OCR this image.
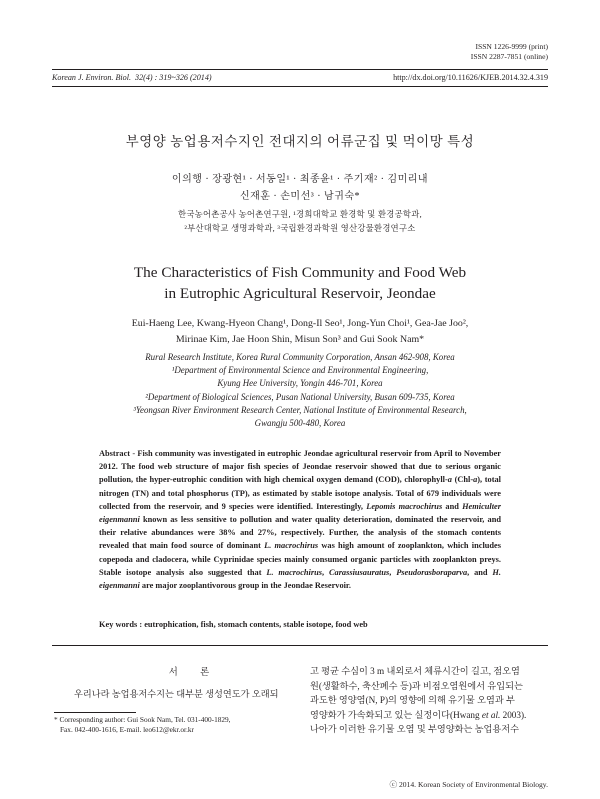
ISSN 1226-9999 (print)
ISSN 2287-7851 (online)
Korean J. Environ. Biol.  32(4) : 319~326 (2014)	http://dx.doi.org/10.11626/KJEB.2014.32.4.319
부영양 농업용저수지인 전대지의 어류군집 및 먹이망 특성
이의행 · 장광현¹ · 서동일¹ · 최종윤¹ · 주기재² · 김미리내
신재훈 · 손미선³ · 남귀숙*
한국농어촌공사 농어촌연구원, ¹경희대학교 환경학 및 환경공학과,
²부산대학교 생명과학과, ³국립환경과학원 영산강물환경연구소
The Characteristics of Fish Community and Food Web
in Eutrophic Agricultural Reservoir, Jeondae
Eui-Haeng Lee, Kwang-Hyeon Chang¹, Dong-Il Seo¹, Jong-Yun Choi¹, Gea-Jae Joo²,
Mirinae Kim, Jae Hoon Shin, Misun Son³ and Gui Sook Nam*
Rural Research Institute, Korea Rural Community Corporation, Ansan 462-908, Korea
¹Department of Environmental Science and Environmental Engineering,
Kyung Hee University, Yongin 446-701, Korea
²Department of Biological Sciences, Pusan National University, Busan 609-735, Korea
³Yeongsan River Environment Research Center, National Institute of Environmental Research,
Gwangju 500-480, Korea
Abstract - Fish community was investigated in eutrophic Jeondae agricultural reservoir from April to November 2012. The food web structure of major fish species of Jeondae reservoir showed that due to serious organic pollution, the hyper-eutrophic condition with high chemical oxygen demand (COD), chlorophyll-a (Chl-a), total nitrogen (TN) and total phosphorus (TP), as estimated by stable isotope analysis. Total of 679 individuals were collected from the reservoir, and 9 species were identified. Interestingly, Lepomis macrochirus and Hemiculter eigenmanni known as less sensitive to pollution and water quality deterioration, dominated the reservoir, and their relative abundances were 38% and 27%, respectively. Further, the analysis of the stomach contents revealed that main food source of dominant L. macrochirus was high amount of zooplankton, which includes copepoda and cladocera, while Cyprinidae species mainly consumed organic particles with zooplankton preys. Stable isotope analysis also suggested that L. macrochirus, Carassiusauratus, Pseudorasboraparva, and H. eigenmanni are major zooplantivorous group in the Jeondae Reservoir.
Key words : eutrophication, fish, stomach contents, stable isotope, food web
서 론
우리나라 농업용저수지는 대부분 생성연도가 오래되
고 평균 수심이 3 m 내외로서 체류시간이 길고, 점오염
원(생활하수, 축산폐수 등)과 비점오염원에서 유입되는
과도한 영양염(N, P)의 영향에 의해 유기물 오염과 부
영양화가 가속화되고 있는 실정이다(Hwang et al. 2003).
나아가 이러한 유기물 오염 및 부영양화는 농업용저수
* Corresponding author: Gui Sook Nam, Tel. 031-400-1829,
Fax. 042-400-1616, E-mail. leo612@ekr.or.kr
ⓒ 2014. Korean Society of Environmental Biology.
